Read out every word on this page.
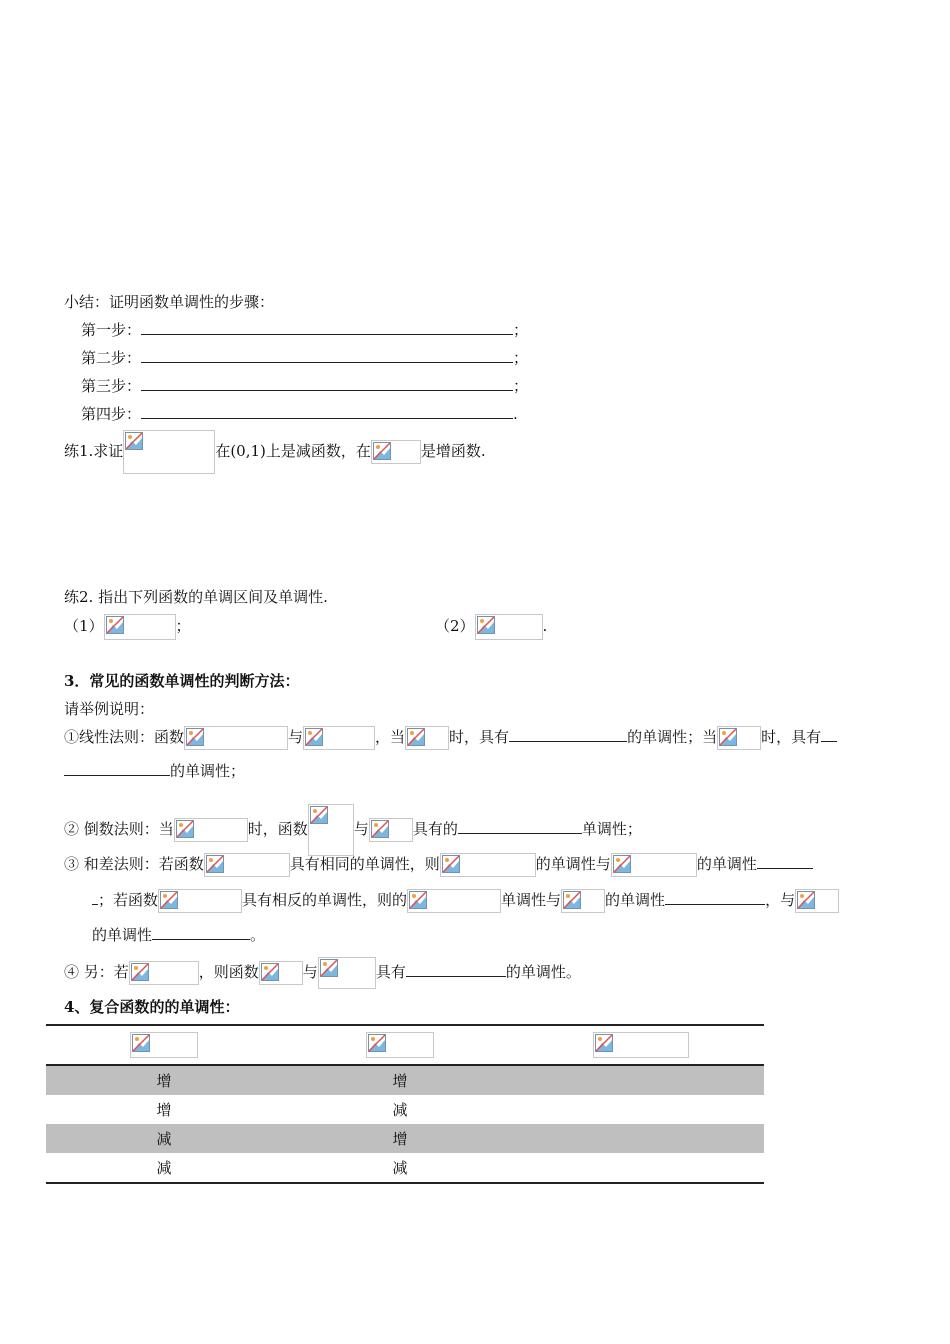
小结：证明函数单调性的步骤：
第一步：	；
第二步：	；
第三步：	；
第四步：	.
练1.求证	在(0,1)上是减函数，在	是增函数.
练2. 指出下列函数的单调区间及单调性.
（1）	；	（2）	.
3．常见的函数单调性的判断方法：
请举例说明：
①线性法则：函数	与	，当	时，具有	的单调性；当	时，具有
的单调性；
② 倒数法则：当	时，函数	与	具有的	单调性；
③ 和差法则：若函数	具有相同的单调性，则	的单调性与	的单调性
；若函数	具有相反的单调性，则的	单调性与	的单调性	，与
的单调性	。
④ 另：若	，则函数	与	具有	的单调性。
4、复合函数的的单调性：

增	增	
增	减	
减	增	
减	减	
